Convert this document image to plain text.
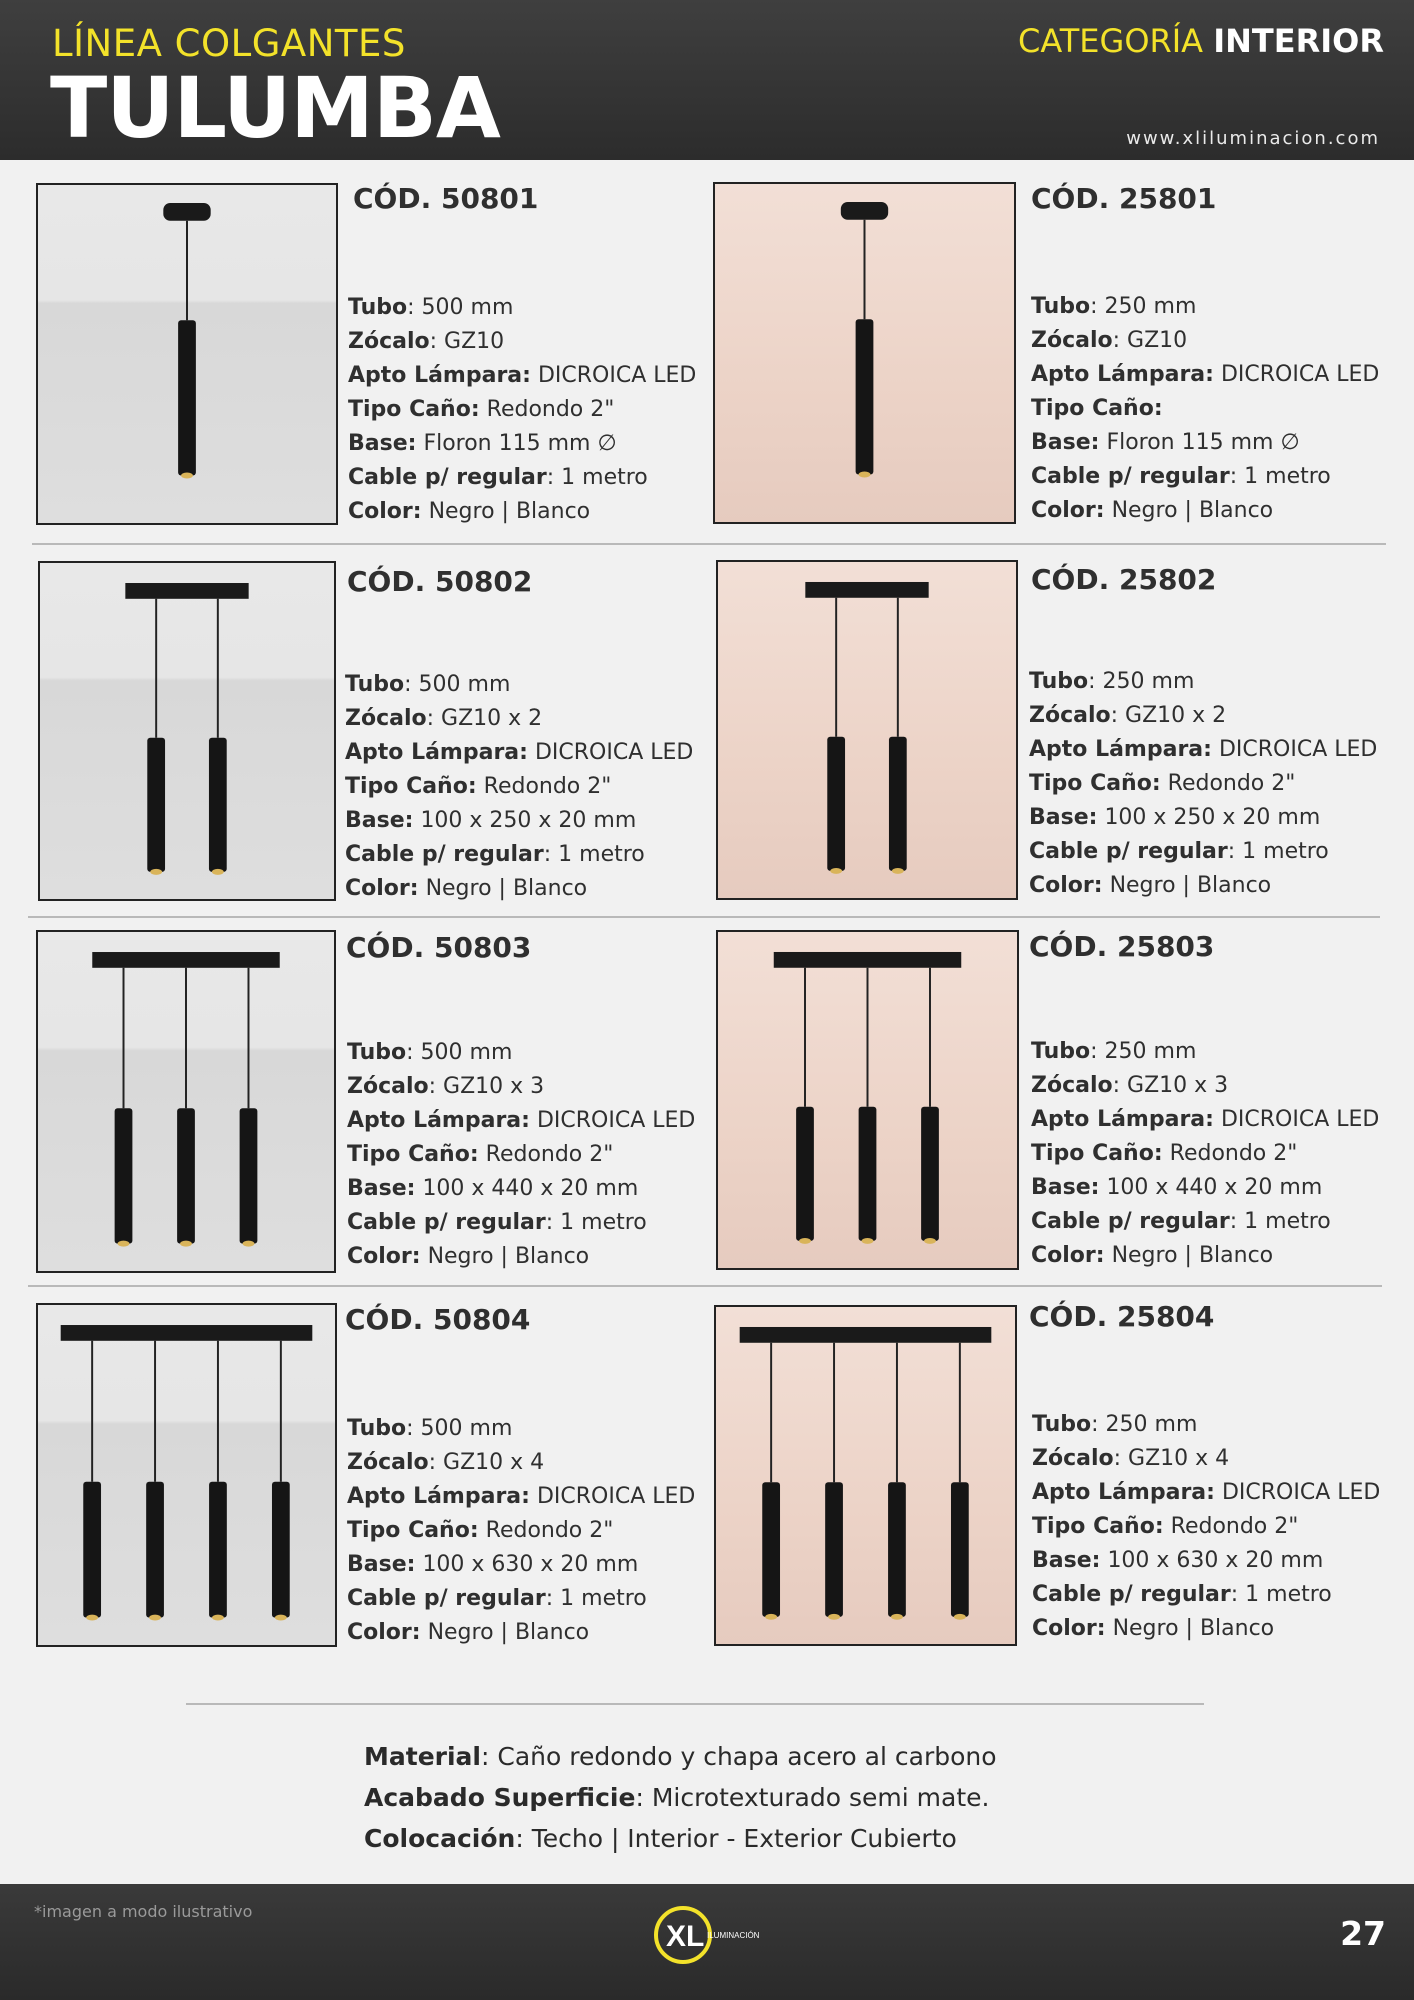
LÍNEA COLGANTES
TULUMBA
CATEGORÍA INTERIOR
www.xliluminacion.com
CÓD. 50801
Tubo: 500 mm
Zócalo: GZ10
Apto Lámpara: DICROICA LED
Tipo Caño: Redondo 2"
Base: Floron 115 mm ∅
Cable p/ regular: 1 metro
Color: Negro | Blanco
CÓD. 25801
Tubo: 250 mm
Zócalo: GZ10
Apto Lámpara: DICROICA LED
Tipo Caño:
Base: Floron 115 mm ∅
Cable p/ regular: 1 metro
Color: Negro | Blanco
CÓD. 50802
Tubo: 500 mm
Zócalo: GZ10 x 2
Apto Lámpara: DICROICA LED
Tipo Caño: Redondo 2"
Base: 100 x 250 x 20 mm
Cable p/ regular: 1 metro
Color: Negro | Blanco
CÓD. 25802
Tubo: 250 mm
Zócalo: GZ10 x 2
Apto Lámpara: DICROICA LED
Tipo Caño: Redondo 2"
Base: 100 x 250 x 20 mm
Cable p/ regular: 1 metro
Color: Negro | Blanco
CÓD. 50803
Tubo: 500 mm
Zócalo: GZ10 x 3
Apto Lámpara: DICROICA LED
Tipo Caño: Redondo 2"
Base: 100 x 440 x 20 mm
Cable p/ regular: 1 metro
Color: Negro | Blanco
CÓD. 25803
Tubo: 250 mm
Zócalo: GZ10 x 3
Apto Lámpara: DICROICA LED
Tipo Caño: Redondo 2"
Base: 100 x 440 x 20 mm
Cable p/ regular: 1 metro
Color: Negro | Blanco
CÓD. 50804
Tubo: 500 mm
Zócalo: GZ10 x 4
Apto Lámpara: DICROICA LED
Tipo Caño: Redondo 2"
Base: 100 x 630 x 20 mm
Cable p/ regular: 1 metro
Color: Negro | Blanco
CÓD. 25804
Tubo: 250 mm
Zócalo: GZ10 x 4
Apto Lámpara: DICROICA LED
Tipo Caño: Redondo 2"
Base: 100 x 630 x 20 mm
Cable p/ regular: 1 metro
Color: Negro | Blanco
Material: Caño redondo y chapa acero al carbono
Acabado Superficie: Microtexturado semi mate.
Colocación: Techo | Interior - Exterior Cubierto
*imagen a modo ilustrativo
XL ILUMINACIÓN	27
